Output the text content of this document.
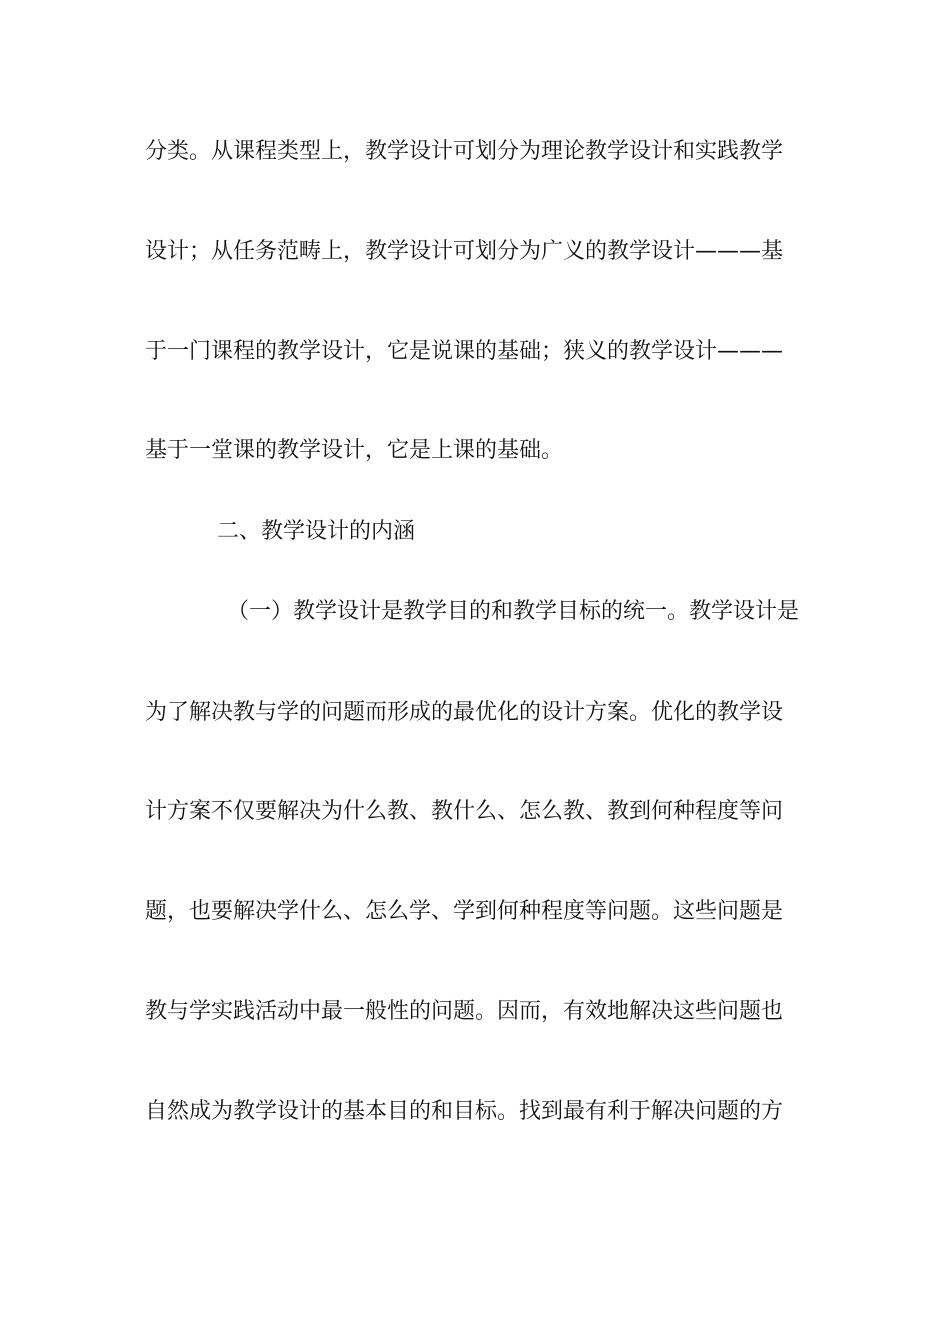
分类。从课程类型上，教学设计可划分为理论教学设计和实践教学
设计；从任务范畴上，教学设计可划分为广义的教学设计———基
于一门课程的教学设计，它是说课的基础；狭义的教学设计———
基于一堂课的教学设计，它是上课的基础。
二、教学设计的内涵
（一）教学设计是教学目的和教学目标的统一。教学设计是
为了解决教与学的问题而形成的最优化的设计方案。优化的教学设
计方案不仅要解决为什么教、教什么、怎么教、教到何种程度等问
题，也要解决学什么、怎么学、学到何种程度等问题。这些问题是
教与学实践活动中最一般性的问题。因而，有效地解决这些问题也
自然成为教学设计的基本目的和目标。找到最有利于解决问题的方
